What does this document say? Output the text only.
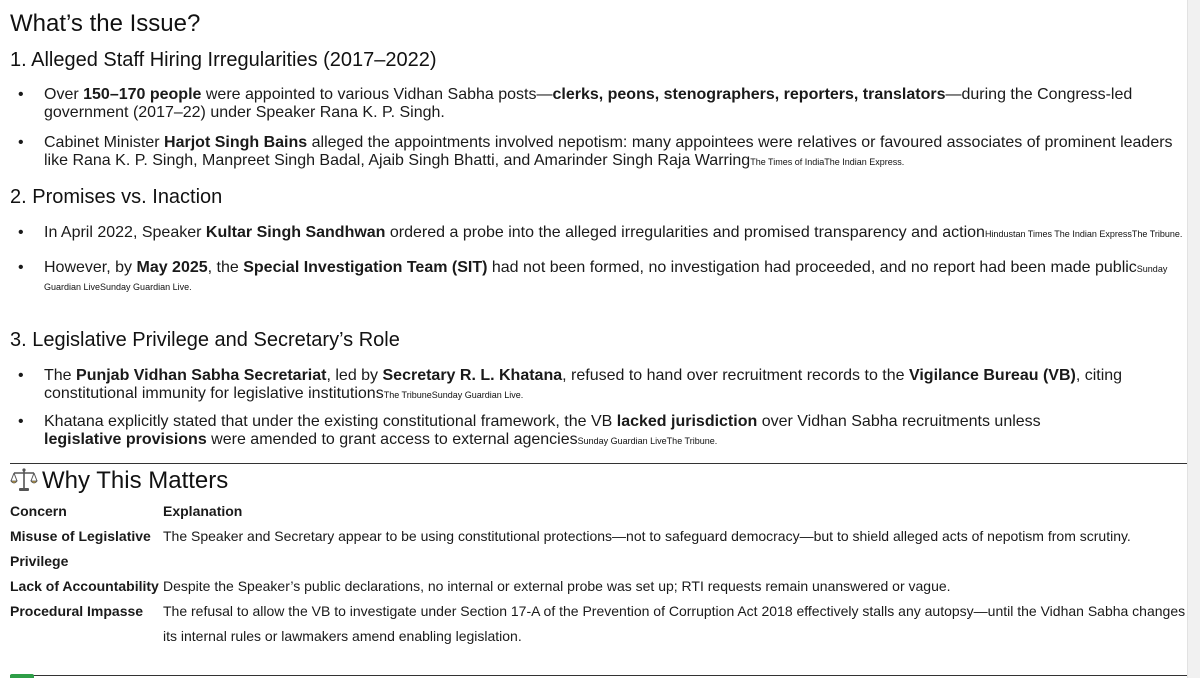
What’s the Issue?
1. Alleged Staff Hiring Irregularities (2017–2022)
• Over 150–170 people were appointed to various Vidhan Sabha posts—clerks, peons, stenographers, reporters, translators—during the Congress-led government (2017–22) under Speaker Rana K. P. Singh.
• Cabinet Minister Harjot Singh Bains alleged the appointments involved nepotism: many appointees were relatives or favoured associates of prominent leaders like Rana K. P. Singh, Manpreet Singh Badal, Ajaib Singh Bhatti, and Amarinder Singh Raja WarringThe Times of IndiaThe Indian Express.
2. Promises vs. Inaction
• In April 2022, Speaker Kultar Singh Sandhwan ordered a probe into the alleged irregularities and promised transparency and actionHindustan Times The Indian ExpressThe Tribune.
• However, by May 2025, the Special Investigation Team (SIT) had not been formed, no investigation had proceeded, and no report had been made publicSunday Guardian LiveSunday Guardian Live.
3. Legislative Privilege and Secretary’s Role
• The Punjab Vidhan Sabha Secretariat, led by Secretary R. L. Khatana, refused to hand over recruitment records to the Vigilance Bureau (VB), citing constitutional immunity for legislative institutionsThe TribuneSunday Guardian Live.
• Khatana explicitly stated that under the existing constitutional framework, the VB lacked jurisdiction over Vidhan Sabha recruitments unless legislative provisions were amended to grant access to external agenciesSunday Guardian LiveThe Tribune.
Why This Matters
Concern	Explanation
Misuse of Legislative Privilege	The Speaker and Secretary appear to be using constitutional protections—not to safeguard democracy—but to shield alleged acts of nepotism from scrutiny.
Lack of Accountability	Despite the Speaker’s public declarations, no internal or external probe was set up; RTI requests remain unanswered or vague.
Procedural Impasse	The refusal to allow the VB to investigate under Section 17-A of the Prevention of Corruption Act 2018 effectively stalls any autopsy—until the Vidhan Sabha changes its internal rules or lawmakers amend enabling legislation.
